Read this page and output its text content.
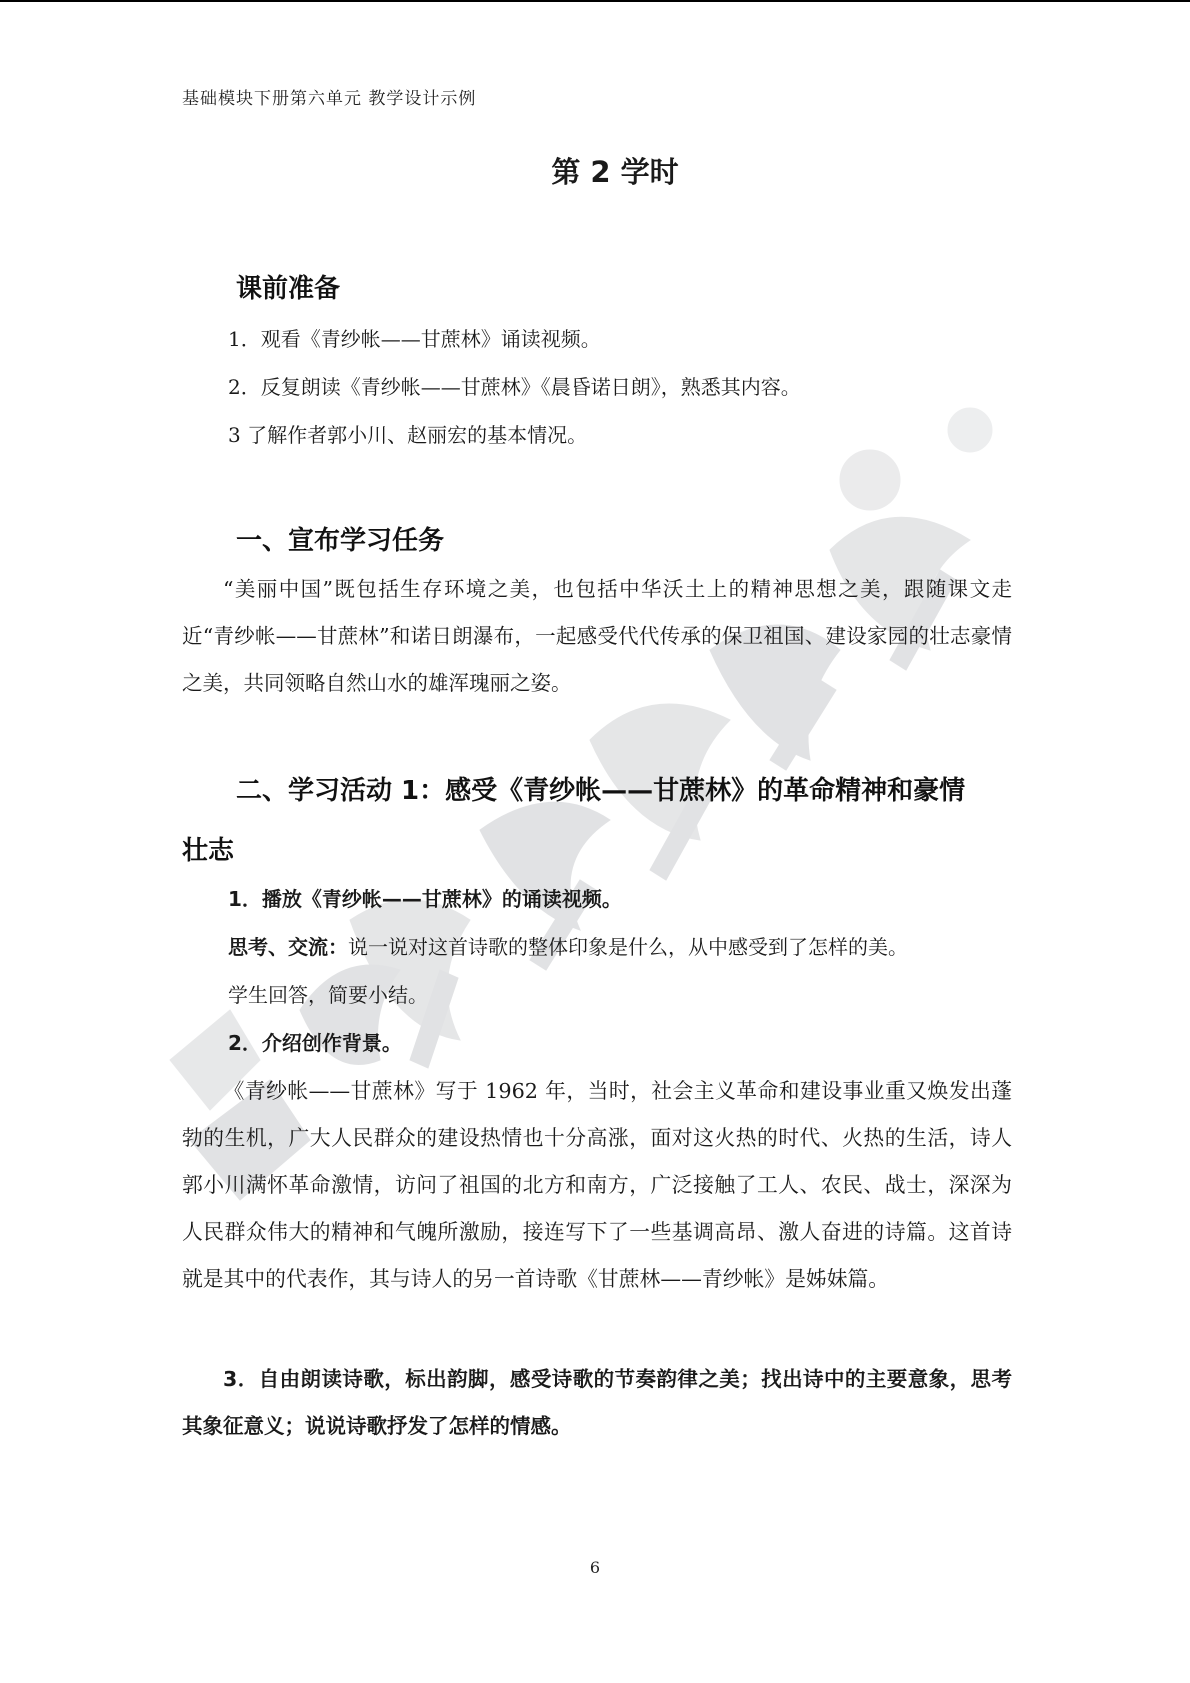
基础模块下册第六单元 教学设计示例
第 2 学时
课前准备
1．观看《青纱帐——甘蔗林》诵读视频。
2．反复朗读《青纱帐——甘蔗林》《晨昏诺日朗》，熟悉其内容。
3 了解作者郭小川、赵丽宏的基本情况。
一、宣布学习任务

“美丽中国”既包括生存环境之美，也包括中华沃土上的精神思想之美，跟随课文走近“青纱帐——甘蔗林”和诺日朗瀑布，一起感受代代传承的保卫祖国、建设家园的壮志豪情之美，共同领略自然山水的雄浑瑰丽之姿。

二、学习活动 1：感受《青纱帐——甘蔗林》的革命精神和豪情
壮志
1．播放《青纱帐——甘蔗林》的诵读视频。
思考、交流：说一说对这首诗歌的整体印象是什么，从中感受到了怎样的美。
学生回答，简要小结。
2．介绍创作背景。

《青纱帐——甘蔗林》写于 1962 年，当时，社会主义革命和建设事业重又焕发出蓬勃的生机，广大人民群众的建设热情也十分高涨，面对这火热的时代、火热的生活，诗人郭小川满怀革命激情，访问了祖国的北方和南方，广泛接触了工人、农民、战士，深深为人民群众伟大的精神和气魄所激励，接连写下了一些基调高昂、激人奋进的诗篇。这首诗就是其中的代表作，其与诗人的另一首诗歌《甘蔗林——青纱帐》是姊妹篇。

3．自由朗读诗歌，标出韵脚，感受诗歌的节奏韵律之美；找出诗中的主要意象，思考其象征意义；说说诗歌抒发了怎样的情感。

6
